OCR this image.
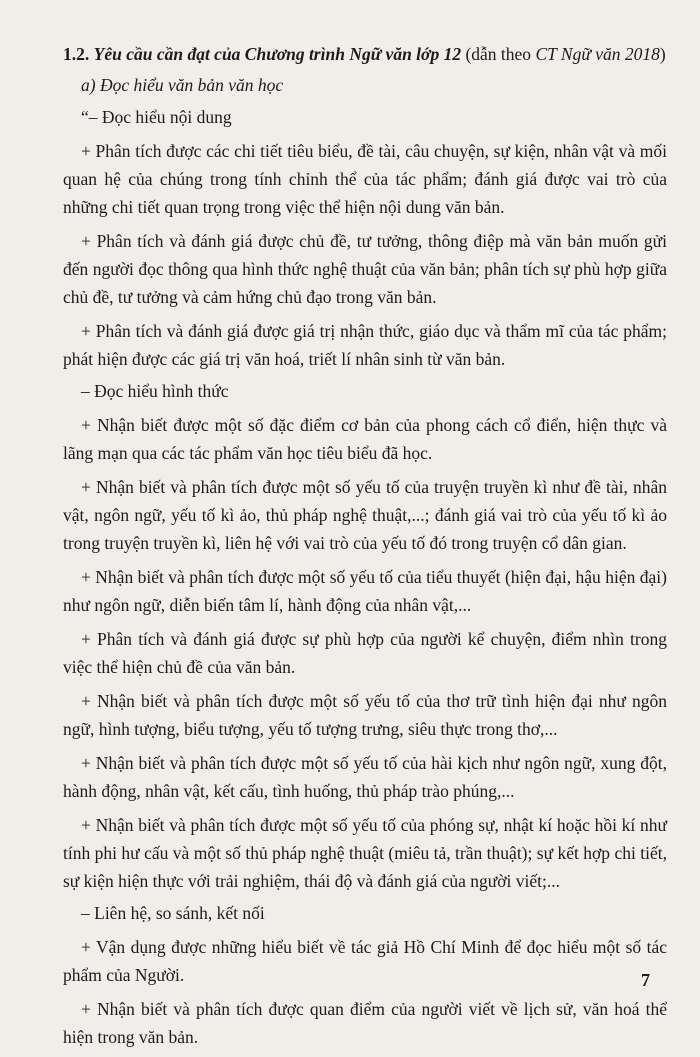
1.2. Yêu cầu cần đạt của Chương trình Ngữ văn lớp 12 (dẫn theo CT Ngữ văn 2018)

a) Đọc hiểu văn bản văn học

“– Đọc hiểu nội dung

+ Phân tích được các chi tiết tiêu biểu, đề tài, câu chuyện, sự kiện, nhân vật và mối quan hệ của chúng trong tính chỉnh thể của tác phẩm; đánh giá được vai trò của những chi tiết quan trọng trong việc thể hiện nội dung văn bản.

+ Phân tích và đánh giá được chủ đề, tư tưởng, thông điệp mà văn bản muốn gửi đến người đọc thông qua hình thức nghệ thuật của văn bản; phân tích sự phù hợp giữa chủ đề, tư tưởng và cảm hứng chủ đạo trong văn bản.

+ Phân tích và đánh giá được giá trị nhận thức, giáo dục và thẩm mĩ của tác phẩm; phát hiện được các giá trị văn hoá, triết lí nhân sinh từ văn bản.

– Đọc hiểu hình thức

+ Nhận biết được một số đặc điểm cơ bản của phong cách cổ điển, hiện thực và lãng mạn qua các tác phẩm văn học tiêu biểu đã học.

+ Nhận biết và phân tích được một số yếu tố của truyện truyền kì như đề tài, nhân vật, ngôn ngữ, yếu tố kì ảo, thủ pháp nghệ thuật,...; đánh giá vai trò của yếu tố kì ảo trong truyện truyền kì, liên hệ với vai trò của yếu tố đó trong truyện cổ dân gian.

+ Nhận biết và phân tích được một số yếu tố của tiểu thuyết (hiện đại, hậu hiện đại) như ngôn ngữ, diễn biến tâm lí, hành động của nhân vật,...

+ Phân tích và đánh giá được sự phù hợp của người kể chuyện, điểm nhìn trong việc thể hiện chủ đề của văn bản.

+ Nhận biết và phân tích được một số yếu tố của thơ trữ tình hiện đại như ngôn ngữ, hình tượng, biểu tượng, yếu tố tượng trưng, siêu thực trong thơ,...

+ Nhận biết và phân tích được một số yếu tố của hài kịch như ngôn ngữ, xung đột, hành động, nhân vật, kết cấu, tình huống, thủ pháp trào phúng,...

+ Nhận biết và phân tích được một số yếu tố của phóng sự, nhật kí hoặc hồi kí như tính phi hư cấu và một số thủ pháp nghệ thuật (miêu tả, trần thuật); sự kết hợp chi tiết, sự kiện hiện thực với trải nghiệm, thái độ và đánh giá của người viết;...

– Liên hệ, so sánh, kết nối

+ Vận dụng được những hiểu biết về tác giả Hồ Chí Minh để đọc hiểu một số tác phẩm của Người.

+ Nhận biết và phân tích được quan điểm của người viết về lịch sử, văn hoá thể hiện trong văn bản.

7
